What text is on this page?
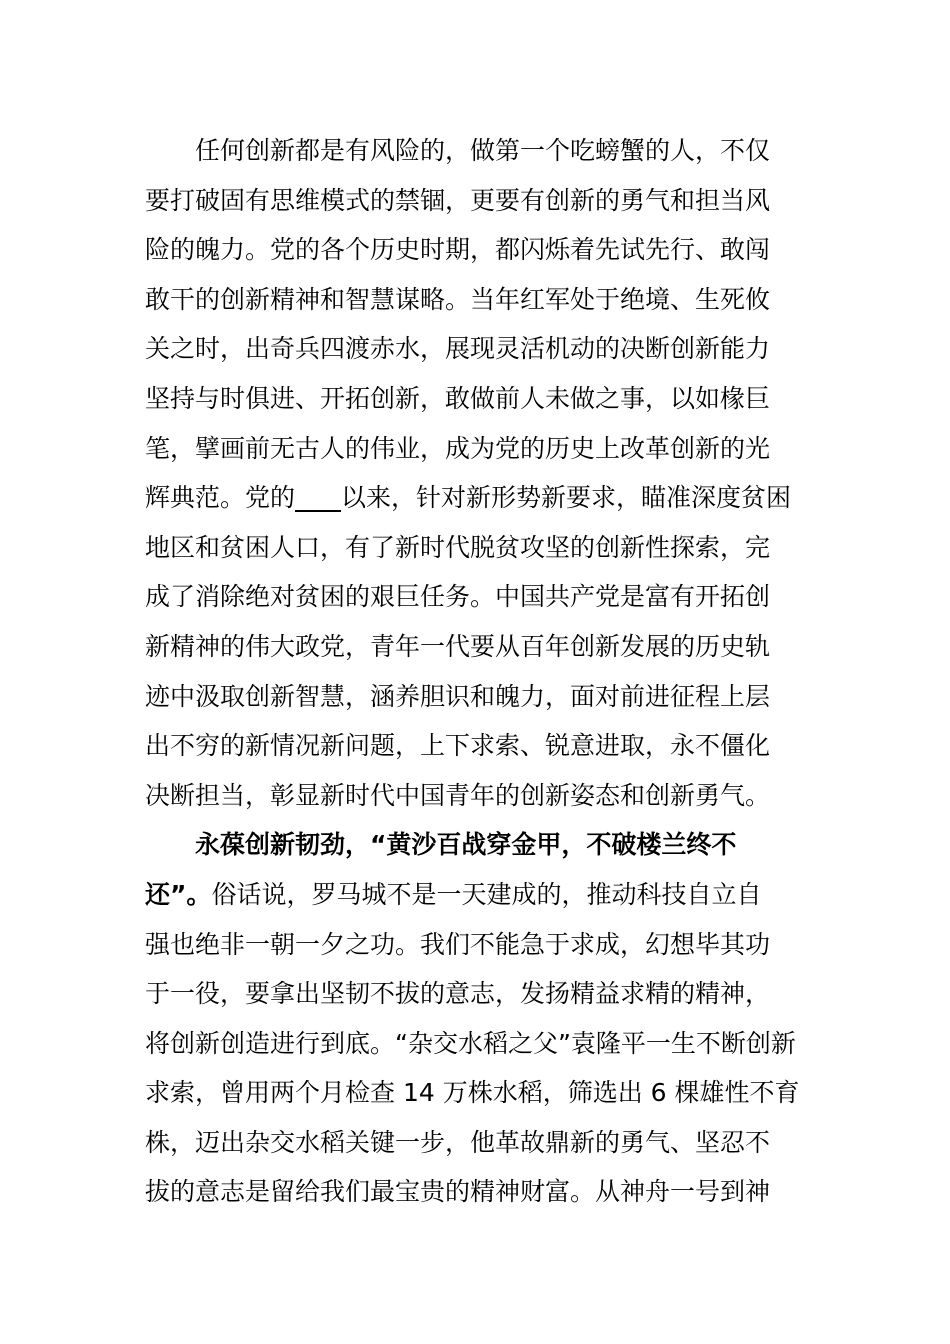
任何创新都是有风险的，做第一个吃螃蟹的人，不仅
要打破固有思维模式的禁锢，更要有创新的勇气和担当风
险的魄力。党的各个历史时期，都闪烁着先试先行、敢闯
敢干的创新精神和智慧谋略。当年红军处于绝境、生死攸
关之时，出奇兵四渡赤水，展现灵活机动的决断创新能力
坚持与时俱进、开拓创新，敢做前人未做之事，以如椽巨
笔，擘画前无古人的伟业，成为党的历史上改革创新的光
辉典范。党的 以来，针对新形势新要求，瞄准深度贫困
地区和贫困人口，有了新时代脱贫攻坚的创新性探索，完
成了消除绝对贫困的艰巨任务。中国共产党是富有开拓创
新精神的伟大政党，青年一代要从百年创新发展的历史轨
迹中汲取创新智慧，涵养胆识和魄力，面对前进征程上层
出不穷的新情况新问题，上下求索、锐意进取，永不僵化
决断担当，彰显新时代中国青年的创新姿态和创新勇气。
永葆创新韧劲，“黄沙百战穿金甲，不破楼兰终不
还”。俗话说，罗马城不是一天建成的，推动科技自立自
强也绝非一朝一夕之功。我们不能急于求成，幻想毕其功
于一役，要拿出坚韧不拔的意志，发扬精益求精的精神，
将创新创造进行到底。“杂交水稻之父”袁隆平一生不断创新
求索，曾用两个月检查 14 万株水稻，筛选出 6 棵雄性不育
株，迈出杂交水稻关键一步，他革故鼎新的勇气、坚忍不
拔的意志是留给我们最宝贵的精神财富。从神舟一号到神
